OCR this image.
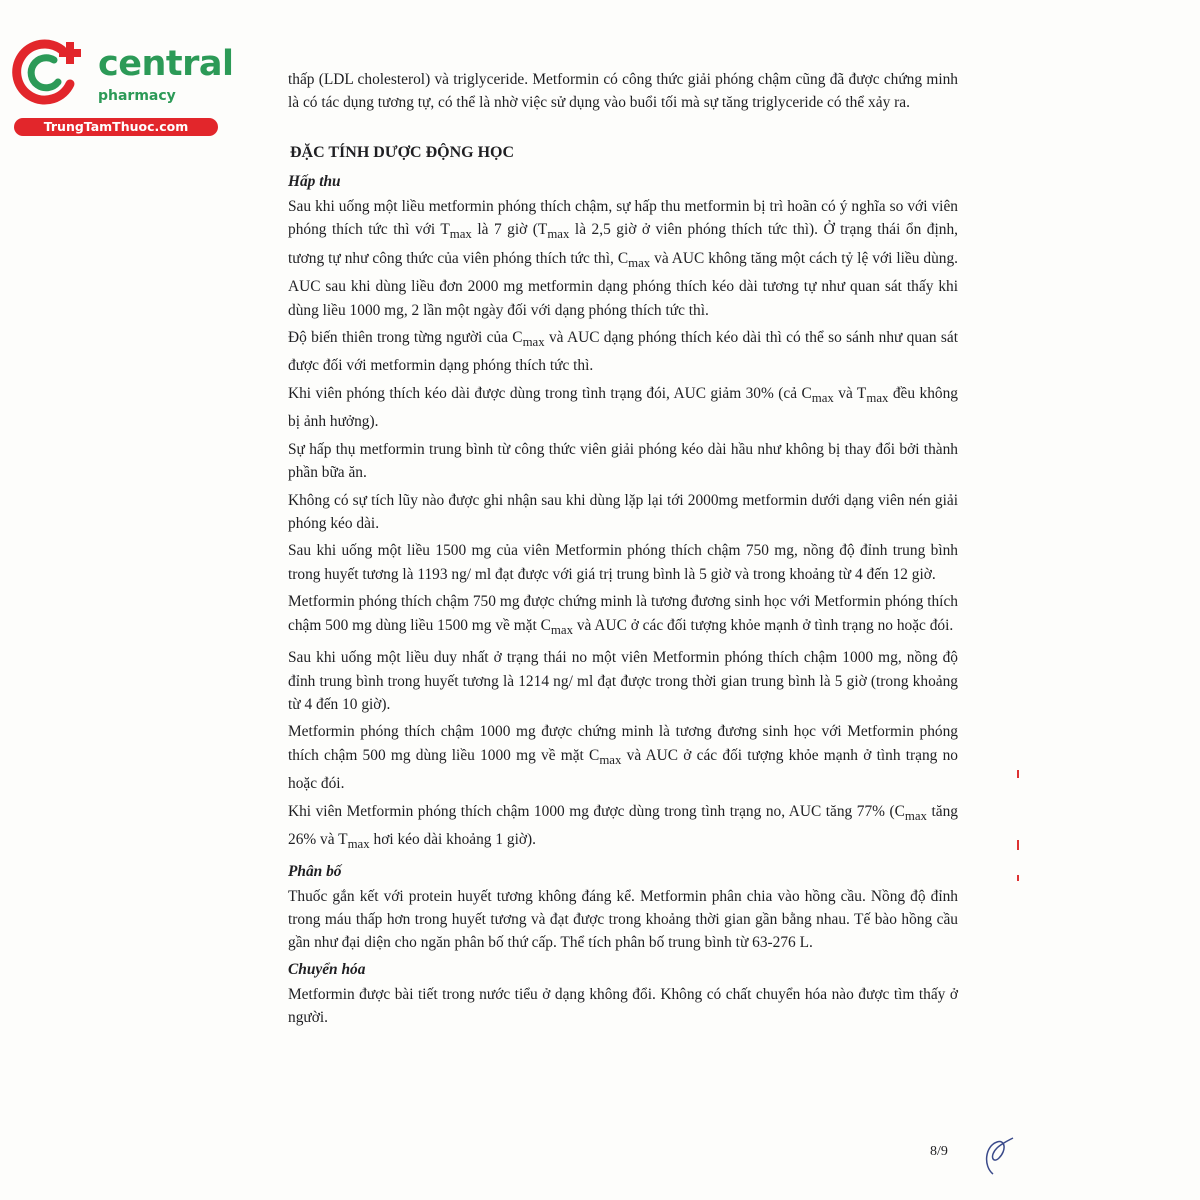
central
pharmacy
TrungTamThuoc.com

thấp (LDL cholesterol) và triglyceride. Metformin có công thức giải phóng chậm cũng đã được chứng minh là có tác dụng tương tự, có thể là nhờ việc sử dụng vào buổi tối mà sự tăng triglyceride có thể xảy ra.

ĐẶC TÍNH DƯỢC ĐỘNG HỌC
Hấp thu

Sau khi uống một liều metformin phóng thích chậm, sự hấp thu metformin bị trì hoãn có ý nghĩa so với viên phóng thích tức thì với $T_{max}$ là 7 giờ ($T_{max}$ là 2,5 giờ ở viên phóng thích tức thì). Ở trạng thái ổn định, tương tự như công thức của viên phóng thích tức thì, $C_{max}$ và AUC không tăng một cách tỷ lệ với liều dùng. AUC sau khi dùng liều đơn 2000 mg metformin dạng phóng thích kéo dài tương tự như quan sát thấy khi dùng liều 1000 mg, 2 lần một ngày đối với dạng phóng thích tức thì.

Độ biến thiên trong từng người của $C_{max}$ và AUC dạng phóng thích kéo dài thì có thể so sánh như quan sát được đối với metformin dạng phóng thích tức thì.

Khi viên phóng thích kéo dài được dùng trong tình trạng đói, AUC giảm 30% (cả $C_{max}$ và $T_{max}$ đều không bị ảnh hưởng).

Sự hấp thụ metformin trung bình từ công thức viên giải phóng kéo dài hầu như không bị thay đổi bởi thành phần bữa ăn.

Không có sự tích lũy nào được ghi nhận sau khi dùng lặp lại tới 2000mg metformin dưới dạng viên nén giải phóng kéo dài.

Sau khi uống một liều 1500 mg của viên Metformin phóng thích chậm 750 mg, nồng độ đỉnh trung bình trong huyết tương là 1193 ng/ ml đạt được với giá trị trung bình là 5 giờ và trong khoảng từ 4 đến 12 giờ.

Metformin phóng thích chậm 750 mg được chứng minh là tương đương sinh học với Metformin phóng thích chậm 500 mg dùng liều 1500 mg về mặt $C_{max}$ và AUC ở các đối tượng khỏe mạnh ở tình trạng no hoặc đói.

Sau khi uống một liều duy nhất ở trạng thái no một viên Metformin phóng thích chậm 1000 mg, nồng độ đỉnh trung bình trong huyết tương là 1214 ng/ ml đạt được trong thời gian trung bình là 5 giờ (trong khoảng từ 4 đến 10 giờ).

Metformin phóng thích chậm 1000 mg được chứng minh là tương đương sinh học với Metformin phóng thích chậm 500 mg dùng liều 1000 mg về mặt $C_{max}$ và AUC ở các đối tượng khỏe mạnh ở tình trạng no hoặc đói.

Khi viên Metformin phóng thích chậm 1000 mg được dùng trong tình trạng no, AUC tăng 77% ($C_{max}$ tăng 26% và $T_{max}$ hơi kéo dài khoảng 1 giờ).

Phân bố

Thuốc gắn kết với protein huyết tương không đáng kể. Metformin phân chia vào hồng cầu. Nồng độ đỉnh trong máu thấp hơn trong huyết tương và đạt được trong khoảng thời gian gần bằng nhau. Tế bào hồng cầu gần như đại diện cho ngăn phân bố thứ cấp. Thể tích phân bố trung bình từ 63-276 L.

Chuyển hóa

Metformin được bài tiết trong nước tiểu ở dạng không đổi. Không có chất chuyển hóa nào được tìm thấy ở người.

8/9
